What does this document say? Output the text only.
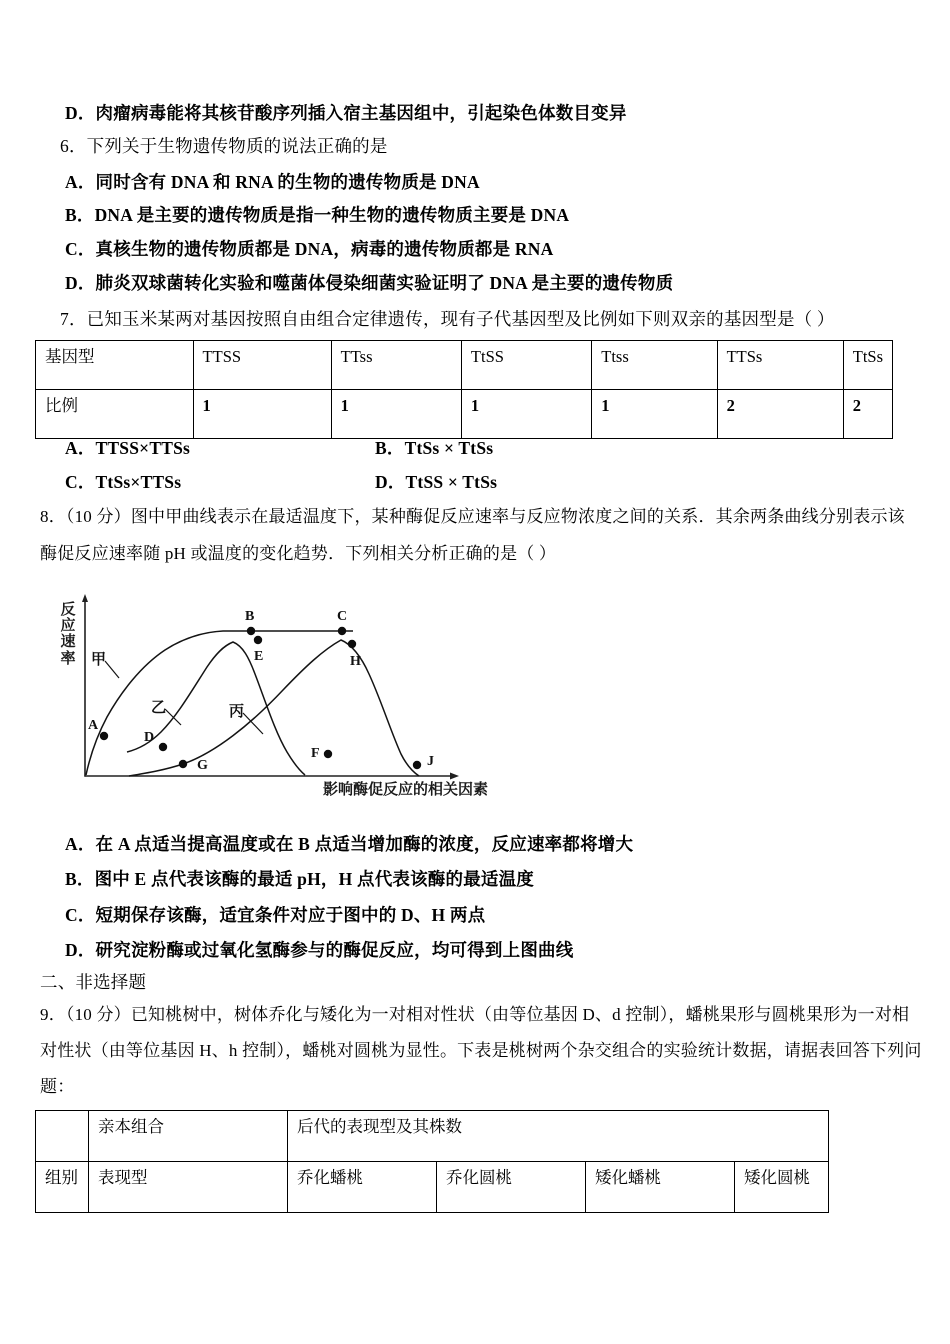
D．肉瘤病毒能将其核苷酸序列插入宿主基因组中，引起染色体数目变异
6．下列关于生物遗传物质的说法正确的是
A．同时含有 DNA 和 RNA 的生物的遗传物质是 DNA
B．DNA 是主要的遗传物质是指一种生物的遗传物质主要是 DNA
C．真核生物的遗传物质都是 DNA，病毒的遗传物质都是 RNA
D．肺炎双球菌转化实验和噬菌体侵染细菌实验证明了 DNA 是主要的遗传物质
7．已知玉米某两对基因按照自由组合定律遗传，现有子代基因型及比例如下则双亲的基因型是（ ）
基因型	TTSS	TTss	TtSS	Ttss	TTSs	TtSs
比例	1	1	1	1	2	2
A．TTSS×TTSs	B．TtSs × TtSs
C．TtSs×TTSs	D．TtSS × TtSs
8．（10 分）图中甲曲线表示在最适温度下，某种酶促反应速率与反应物浓度之间的关系．其余两条曲线分别表示该
酶促反应速率随 pH 或温度的变化趋势．下列相关分析正确的是（ ）
反应速率
影响酶促反应的相关因素
A
B	C
D
E
F
G
H
J
甲
乙	丙
A．在 A 点适当提高温度或在 B 点适当增加酶的浓度，反应速率都将增大
B．图中 E 点代表该酶的最适 pH，H 点代表该酶的最适温度
C．短期保存该酶，适宜条件对应于图中的 D、H 两点
D．研究淀粉酶或过氧化氢酶参与的酶促反应，均可得到上图曲线
二、非选择题
9．（10 分）已知桃树中，树体乔化与矮化为一对相对性状（由等位基因 D、d 控制），蟠桃果形与圆桃果形为一对相
对性状（由等位基因 H、h 控制），蟠桃对圆桃为显性。下表是桃树两个杂交组合的实验统计数据，请据表回答下列问
题：
	亲本组合	后代的表现型及其株数			
组别	表现型	乔化蟠桃	乔化圆桃	矮化蟠桃	矮化圆桃
